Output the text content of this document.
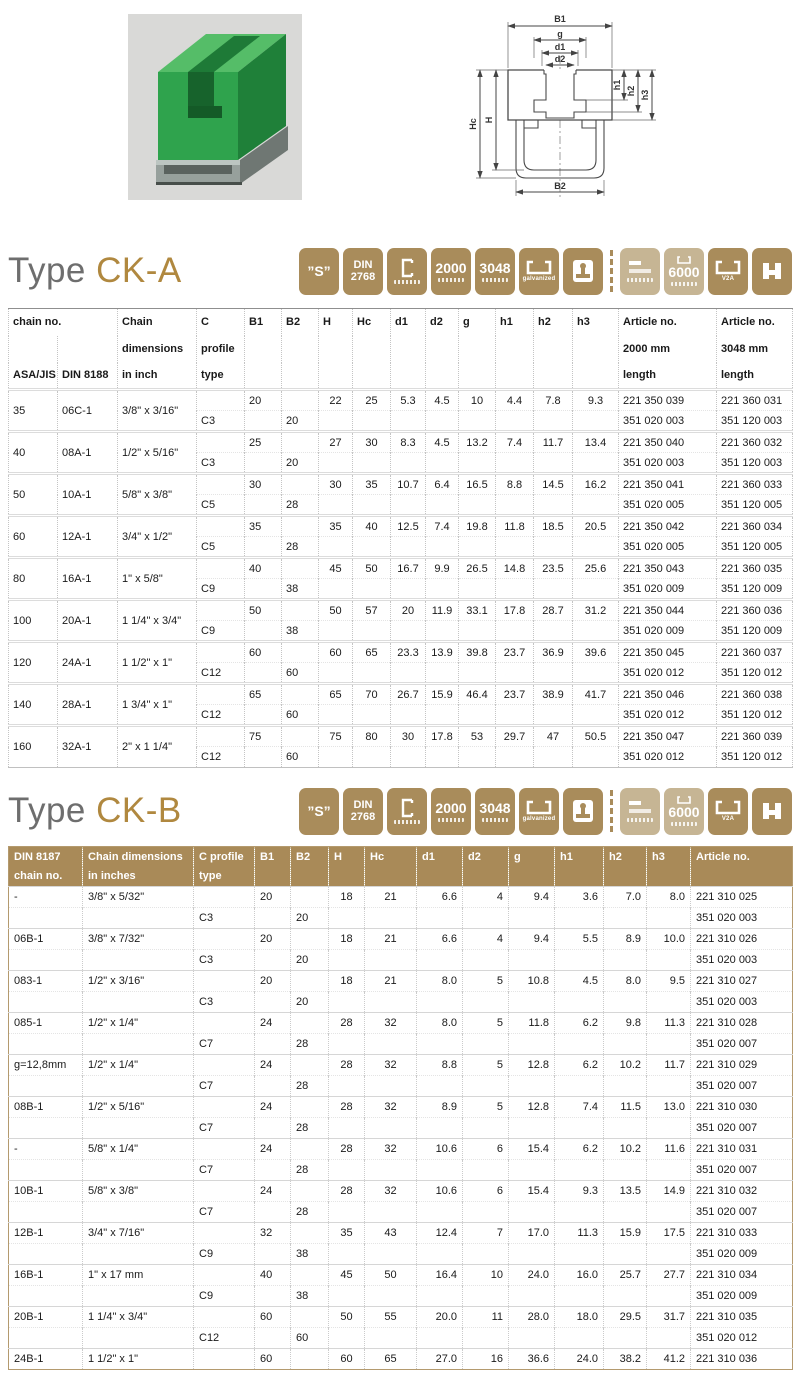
B1
g
d1
d2
Hc H
h1
h2 h3
B2
Type CK-A	”S” DIN
2768
2000 3048
galvanized	6000	V2A
chain no.		Chain	C	B1	B2	H	Hc	d1	d2	g	h1	h2	h3	Article no.	Article no.
		dimensions	profile											2000 mm	3048 mm
ASA/JIS	DIN 8188	in inch	type											length	length
35	06C-1	3/8" x 3/16"		20		22	25	5.3	4.5	10	4.4	7.8	9.3	221 350 039	221 360 031
			C3		20									351 020 003	351 120 003
40	08A-1	1/2" x 5/16"		25		27	30	8.3	4.5	13.2	7.4	11.7	13.4	221 350 040	221 360 032
			C3		20									351 020 003	351 120 003
50	10A-1	5/8" x 3/8"		30		30	35	10.7	6.4	16.5	8.8	14.5	16.2	221 350 041	221 360 033
			C5		28									351 020 005	351 120 005
60	12A-1	3/4" x 1/2"		35		35	40	12.5	7.4	19.8	11.8	18.5	20.5	221 350 042	221 360 034
			C5		28									351 020 005	351 120 005
80	16A-1	1" x 5/8"		40		45	50	16.7	9.9	26.5	14.8	23.5	25.6	221 350 043	221 360 035
			C9		38									351 020 009	351 120 009
100	20A-1	1 1/4" x 3/4"		50		50	57	20	11.9	33.1	17.8	28.7	31.2	221 350 044	221 360 036
			C9		38									351 020 009	351 120 009
120	24A-1	1 1/2" x 1"		60		60	65	23.3	13.9	39.8	23.7	36.9	39.6	221 350 045	221 360 037
			C12		60									351 020 012	351 120 012
140	28A-1	1 3/4" x 1"		65		65	70	26.7	15.9	46.4	23.7	38.9	41.7	221 350 046	221 360 038
			C12		60									351 020 012	351 120 012
160	32A-1	2" x 1 1/4"		75		75	80	30	17.8	53	29.7	47	50.5	221 350 047	221 360 039
			C12		60									351 020 012	351 120 012
Type CK-B	”S” DIN
2768
2000 3048
galvanized	6000	V2A
DIN 8187	Chain dimensions	C profile	B1	B2	H	Hc	d1	d2	g	h1	h2	h3	Article no.
chain no.	in inches	type											
-	3/8" x 5/32"		20		18	21	6.6	4	9.4	3.6	7.0	8.0	221 310 025
		C3		20									351 020 003
06B-1	3/8" x 7/32"		20		18	21	6.6	4	9.4	5.5	8.9	10.0	221 310 026
		C3		20									351 020 003
083-1	1/2" x 3/16"		20		18	21	8.0	5	10.8	4.5	8.0	9.5	221 310 027
		C3		20									351 020 003
085-1	1/2" x 1/4"		24		28	32	8.0	5	11.8	6.2	9.8	11.3	221 310 028
		C7		28									351 020 007
g=12,8mm	1/2" x 1/4"		24		28	32	8.8	5	12.8	6.2	10.2	11.7	221 310 029
		C7		28									351 020 007
08B-1	1/2" x 5/16"		24		28	32	8.9	5	12.8	7.4	11.5	13.0	221 310 030
		C7		28									351 020 007
-	5/8" x 1/4"		24		28	32	10.6	6	15.4	6.2	10.2	11.6	221 310 031
		C7		28									351 020 007
10B-1	5/8" x 3/8"		24		28	32	10.6	6	15.4	9.3	13.5	14.9	221 310 032
		C7		28									351 020 007
12B-1	3/4" x 7/16"		32		35	43	12.4	7	17.0	11.3	15.9	17.5	221 310 033
		C9		38									351 020 009
16B-1	1" x 17 mm		40		45	50	16.4	10	24.0	16.0	25.7	27.7	221 310 034
		C9		38									351 020 009
20B-1	1 1/4" x 3/4"		60		50	55	20.0	11	28.0	18.0	29.5	31.7	221 310 035
		C12		60									351 020 012
24B-1	1 1/2" x 1"		60		60	65	27.0	16	36.6	24.0	38.2	41.2	221 310 036
